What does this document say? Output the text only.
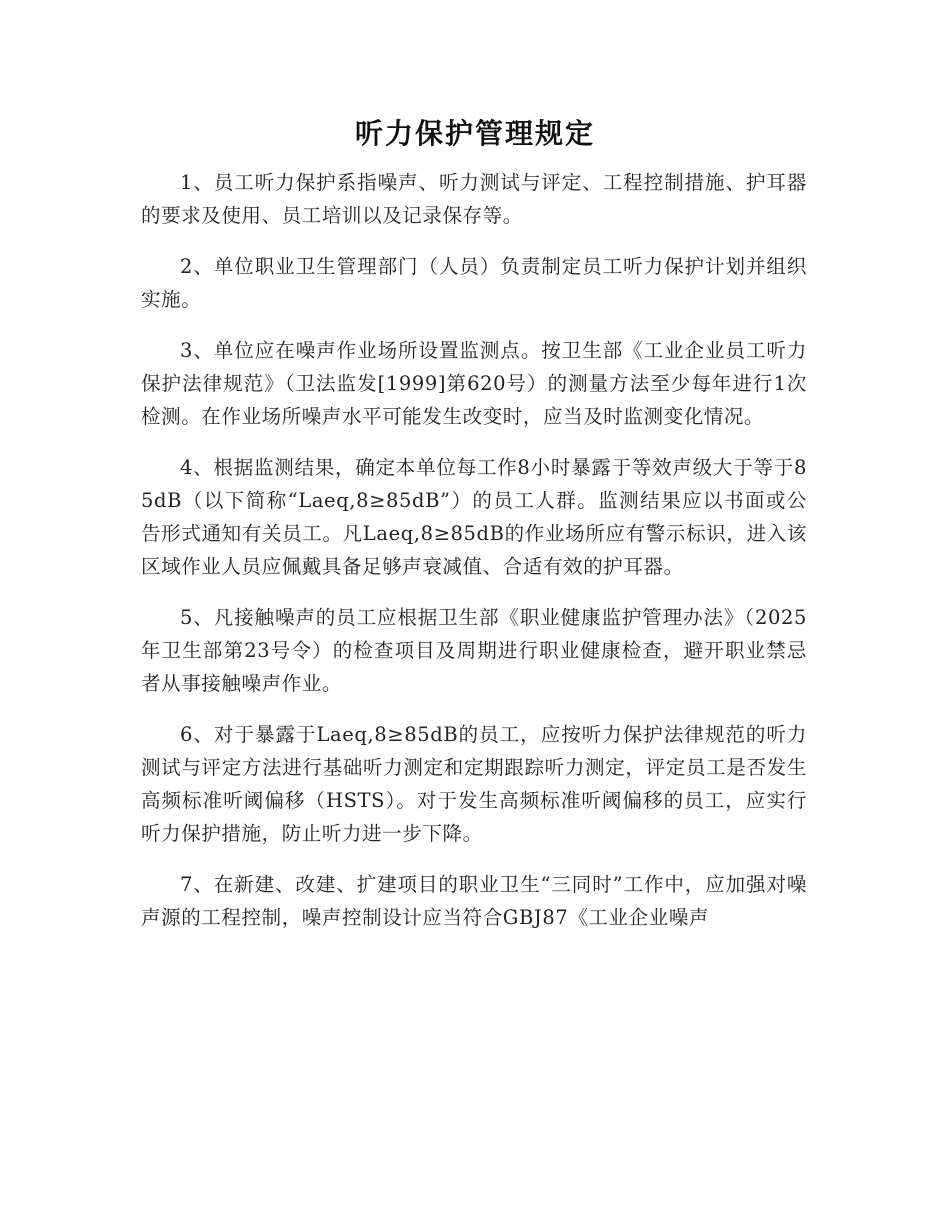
听力保护管理规定

1、员工听力保护系指噪声、听力测试与评定、工程控制措施、护耳器的要求及使用、员工培训以及记录保存等。

2、单位职业卫生管理部门（人员）负责制定员工听力保护计划并组织实施。

3、单位应在噪声作业场所设置监测点。按卫生部《工业企业员工听力保护法律规范》（卫法监发[1999]第620号）的测量方法至少每年进行1次检测。在作业场所噪声水平可能发生改变时，应当及时监测变化情况。

4、根据监测结果，确定本单位每工作8小时暴露于等效声级大于等于85dB（以下简称“Laeq,8≥85dB”）的员工人群。监测结果应以书面或公告形式通知有关员工。凡Laeq,8≥85dB的作业场所应有警示标识，进入该区域作业人员应佩戴具备足够声衰减值、合适有效的护耳器。

5、凡接触噪声的员工应根据卫生部《职业健康监护管理办法》（2025年卫生部第23号令）的检查项目及周期进行职业健康检查，避开职业禁忌者从事接触噪声作业。

6、对于暴露于Laeq,8≥85dB的员工，应按听力保护法律规范的听力测试与评定方法进行基础听力测定和定期跟踪听力测定，评定员工是否发生高频标准听阈偏移（HSTS）。对于发生高频标准听阈偏移的员工，应实行听力保护措施，防止听力进一步下降。

7、在新建、改建、扩建项目的职业卫生“三同时”工作中，应加强对噪声源的工程控制，噪声控制设计应当符合GBJ87《工业企业噪声
